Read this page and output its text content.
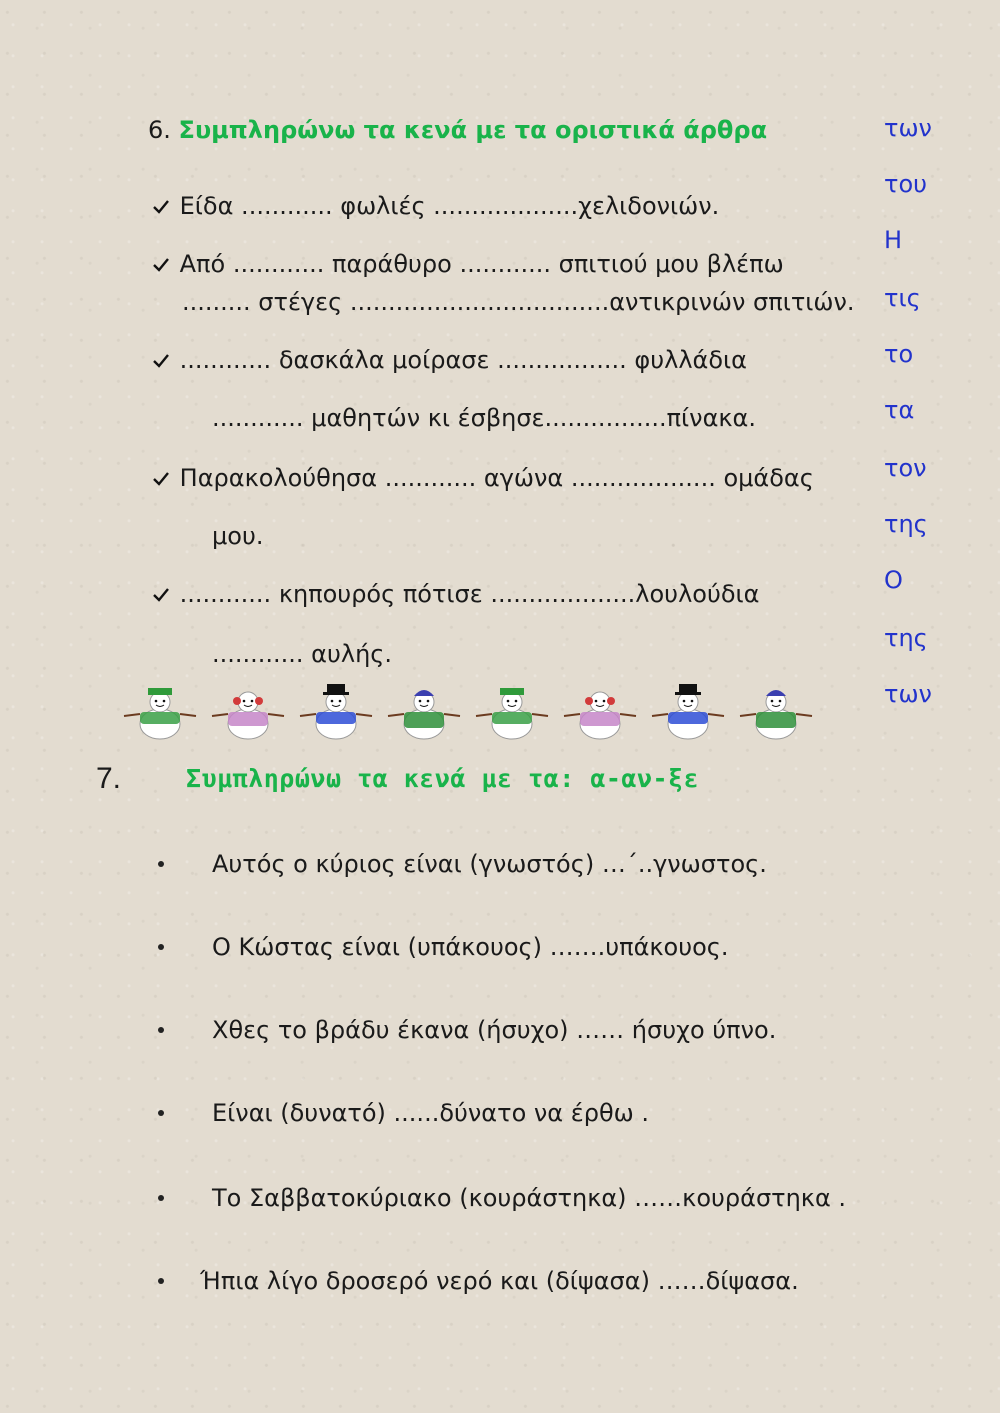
6. Συμπληρώνω τα κενά με τα οριστικά άρθρα
Είδα ............ φωλιές ...................χελιδονιών.
Από ............ παράθυρο ............ σπιτιού μου βλέπω
......... στέγες ..................................αντικρινών σπιτιών.
............ δασκάλα μοίρασε ................. φυλλάδια
............ μαθητών κι έσβησε................πίνακα.
Παρακολούθησα ............ αγώνα ................... ομάδας
μου.
............ κηπουρός πότισε ...................λουλούδια
............ αυλής.
των
του
Η
τις
το
τα
τον
της
Ο
της
των
7.	Συμπληρώνω τα κενά με τα: α-αν-ξε
Αυτός ο κύριος είναι (γνωστός) …΄..γνωστος.
Ο Κώστας είναι (υπάκουος) …….υπάκουος.
Χθες το βράδυ έκανα (ήσυχο) …… ήσυχο ύπνο.
Είναι (δυνατό) ......δύνατο να έρθω .
Το Σαββατοκύριακο (κουράστηκα) ……κουράστηκα .
Ήπια λίγο δροσερό νερό και (δίψασα) ……δίψασα.
